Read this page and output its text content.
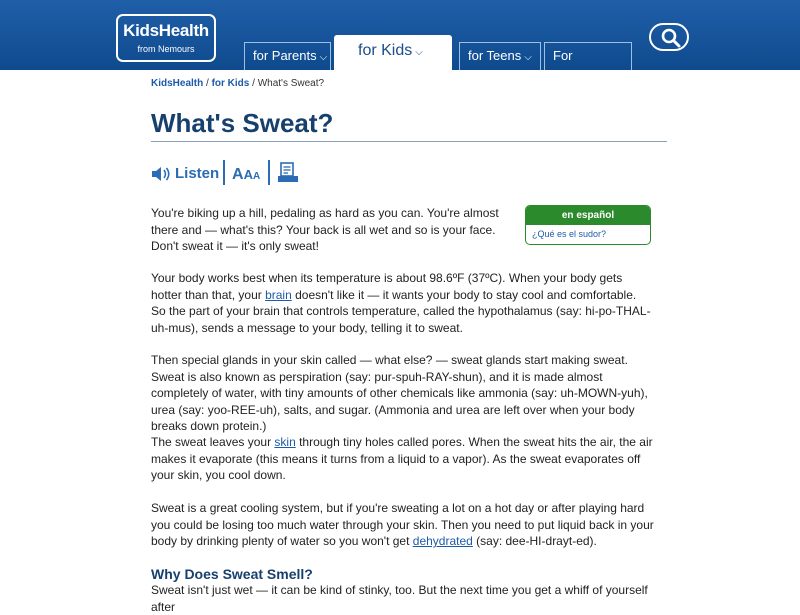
KidsHealth
from Nemours	for Parents ⌵	for Kids ⌵	for Teens ⌵	For Educators
KidsHealth / for Kids / What's Sweat?
What's Sweat?
Listen AAA
en español
¿Qué es el sudor?

You're biking up a hill, pedaling as hard as you can. You're almost there and — what's this? Your back is all wet and so is your face. Don't sweat it — it's only sweat!

Your body works best when its temperature is about 98.6ºF (37ºC). When your body gets hotter than that, your brain doesn't like it — it wants your body to stay cool and comfortable. So the part of your brain that controls temperature, called the hypothalamus (say: hi-po-THAL-uh-mus), sends a message to your body, telling it to sweat.

Then special glands in your skin called — what else? — sweat glands start making sweat. Sweat is also known as perspiration (say: pur-spuh-RAY-shun), and it is made almost completely of water, with tiny amounts of other chemicals like ammonia (say: uh-MOWN-yuh), urea (say: yoo-REE-uh), salts, and sugar. (Ammonia and urea are left over when your body breaks down protein.)

The sweat leaves your skin through tiny holes called pores. When the sweat hits the air, the air makes it evaporate (this means it turns from a liquid to a vapor). As the sweat evaporates off your skin, you cool down.

Sweat is a great cooling system, but if you're sweating a lot on a hot day or after playing hard you could be losing too much water through your skin. Then you need to put liquid back in your body by drinking plenty of water so you won't get dehydrated (say: dee-HI-drayt-ed).

Why Does Sweat Smell?

Sweat isn't just wet — it can be kind of stinky, too. But the next time you get a whiff of yourself after
